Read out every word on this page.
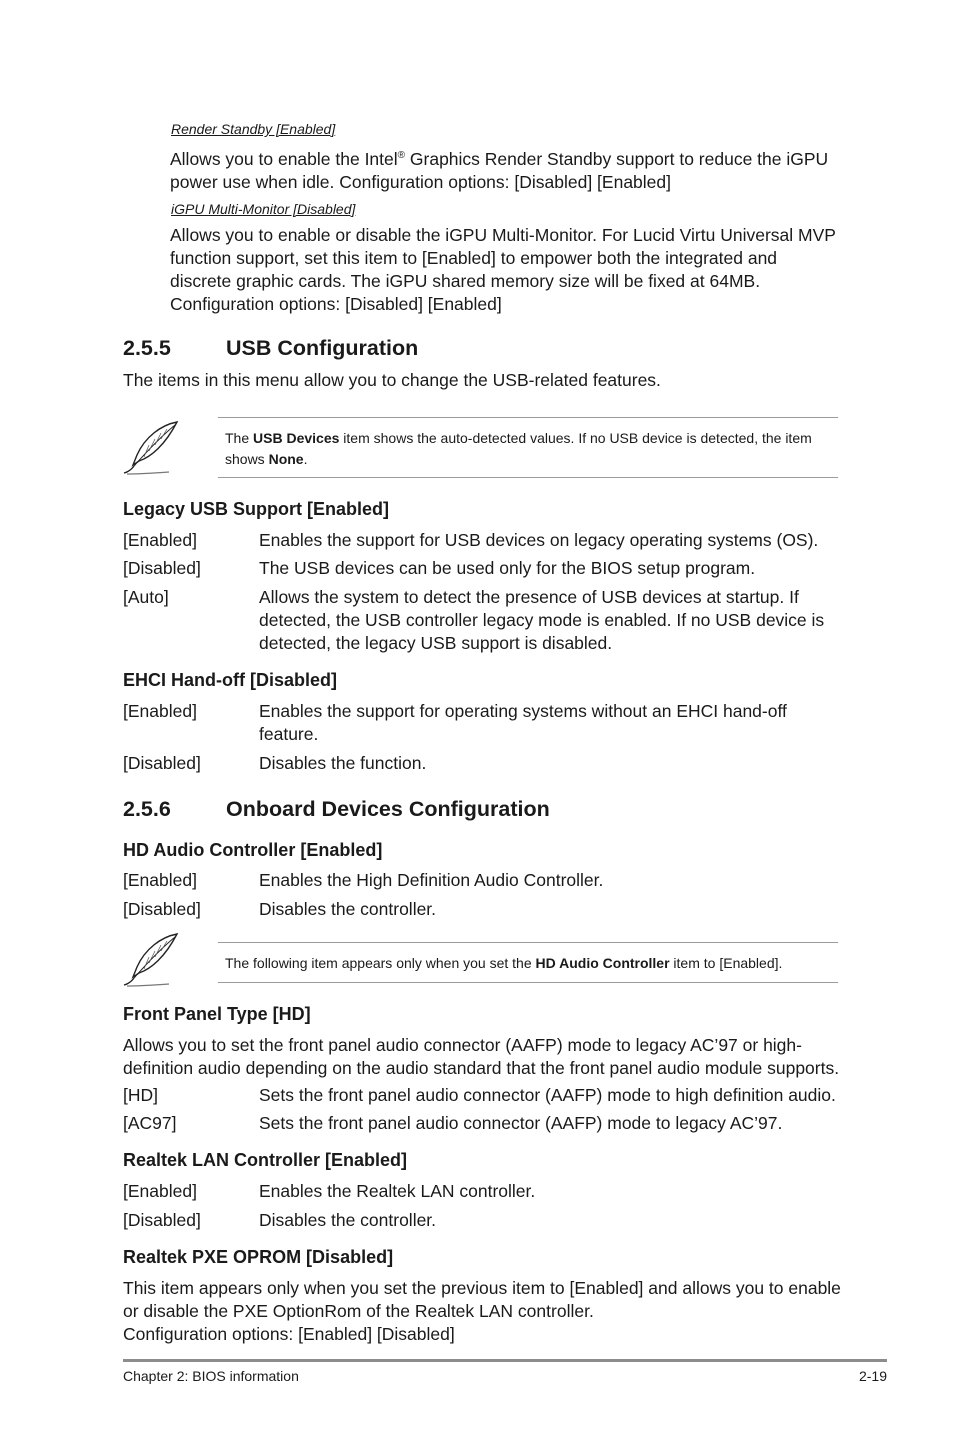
Render Standby [Enabled]
Allows you to enable the Intel® Graphics Render Standby support to reduce the iGPU power use when idle. Configuration options: [Disabled] [Enabled]
iGPU Multi-Monitor [Disabled]
Allows you to enable or disable the iGPU Multi-Monitor. For Lucid Virtu Universal MVP function support, set this item to [Enabled] to empower both the integrated and discrete graphic cards. The iGPU shared memory size will be fixed at 64MB. Configuration options: [Disabled] [Enabled]
2.5.5	USB Configuration
The items in this menu allow you to change the USB-related features.
The USB Devices item shows the auto-detected values. If no USB device is detected, the item shows None.
Legacy USB Support [Enabled]
[Enabled]	Enables the support for USB devices on legacy operating systems (OS).
[Disabled]	The USB devices can be used only for the BIOS setup program.
[Auto]	Allows the system to detect the presence of USB devices at startup. If detected, the USB controller legacy mode is enabled. If no USB device is detected, the legacy USB support is disabled.
EHCI Hand-off [Disabled]
[Enabled]	Enables the support for operating systems without an EHCI hand-off feature.
[Disabled]	Disables the function.
2.5.6	Onboard Devices Configuration
HD Audio Controller [Enabled]
[Enabled]	Enables the High Definition Audio Controller.
[Disabled]	Disables the controller.
The following item appears only when you set the HD Audio Controller item to [Enabled].
Front Panel Type [HD]
Allows you to set the front panel audio connector (AAFP) mode to legacy AC’97 or high-definition audio depending on the audio standard that the front panel audio module supports.
[HD]	Sets the front panel audio connector (AAFP) mode to high definition audio.
[AC97]	Sets the front panel audio connector (AAFP) mode to legacy AC’97.
Realtek LAN Controller [Enabled]
[Enabled]	Enables the Realtek LAN controller.
[Disabled]	Disables the controller.
Realtek PXE OPROM [Disabled]
This item appears only when you set the previous item to [Enabled] and allows you to enable or disable the PXE OptionRom of the Realtek LAN controller.
Configuration options: [Enabled] [Disabled]
Chapter 2: BIOS information	2-19
